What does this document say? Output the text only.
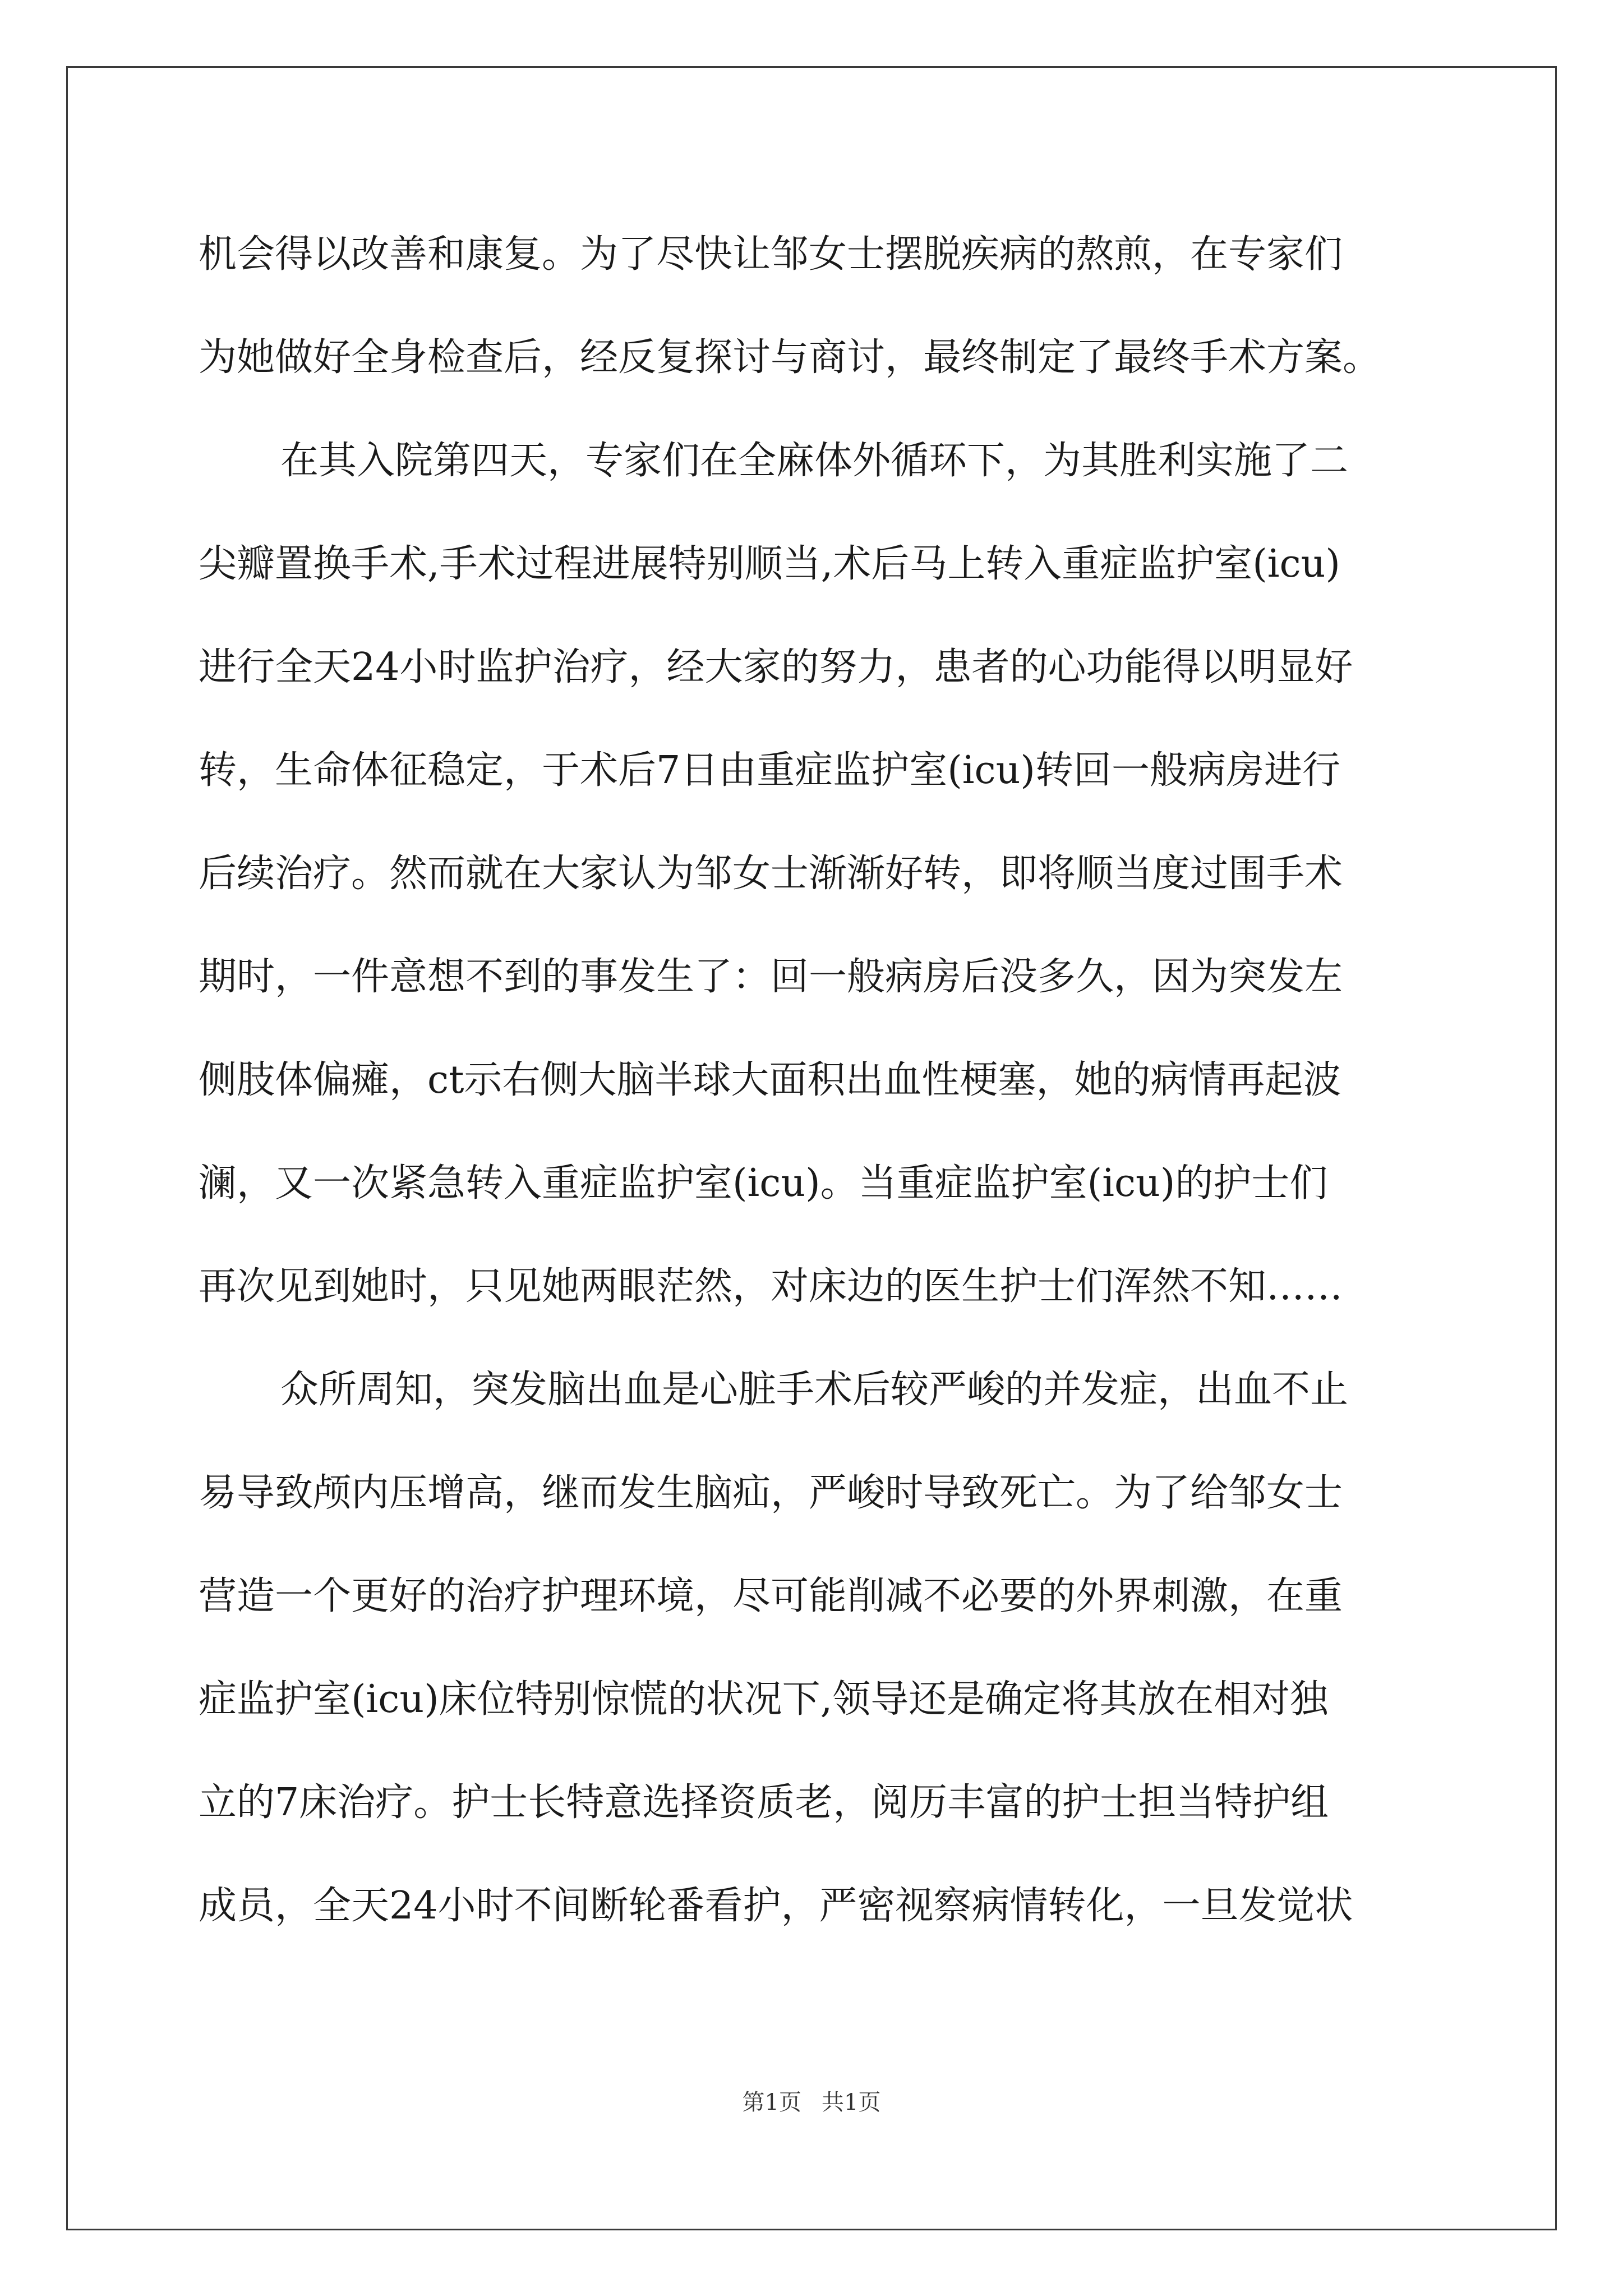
机会得以改善和康复。为了尽快让邹女士摆脱疾病的熬煎，在专家们
为她做好全身检查后，经反复探讨与商讨，最终制定了最终手术方案。
在其入院第四天，专家们在全麻体外循环下，为其胜利实施了二
尖瓣置换手术,手术过程进展特别顺当,术后马上转入重症监护室(icu)
进行全天24小时监护治疗，经大家的努力，患者的心功能得以明显好
转，生命体征稳定，于术后7日由重症监护室(icu)转回一般病房进行
后续治疗。然而就在大家认为邹女士渐渐好转，即将顺当度过围手术
期时，一件意想不到的事发生了：回一般病房后没多久，因为突发左
侧肢体偏瘫，ct示右侧大脑半球大面积出血性梗塞，她的病情再起波
澜，又一次紧急转入重症监护室(icu)。当重症监护室(icu)的护士们
再次见到她时，只见她两眼茫然，对床边的医生护士们浑然不知……
众所周知，突发脑出血是心脏手术后较严峻的并发症，出血不止
易导致颅内压增高，继而发生脑疝，严峻时导致死亡。为了给邹女士
营造一个更好的治疗护理环境，尽可能削减不必要的外界刺激，在重
症监护室(icu)床位特别惊慌的状况下,领导还是确定将其放在相对独
立的7床治疗。护士长特意选择资质老，阅历丰富的护士担当特护组
成员，全天24小时不间断轮番看护，严密视察病情转化，一旦发觉状
第1页 共1页
